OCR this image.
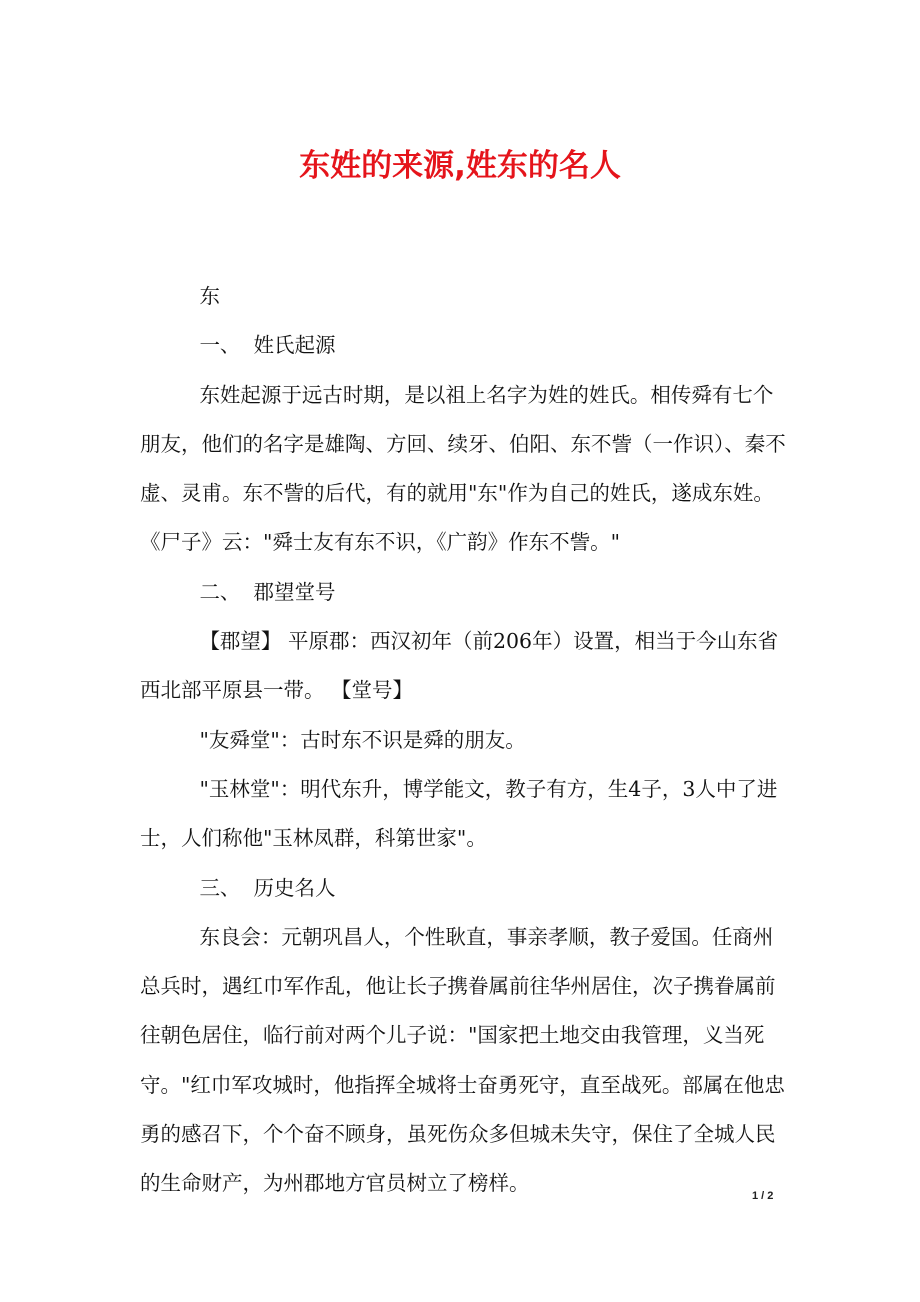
东姓的来源,姓东的名人

东

一、  姓氏起源

东姓起源于远古时期，是以祖上名字为姓的姓氏。相传舜有七个朋友，他们的名字是雄陶、方回、续牙、伯阳、东不訾（一作识）、秦不虚、灵甫。东不訾的后代，有的就用"东"作为自己的姓氏，遂成东姓。《尸子》云："舜士友有东不识，《广韵》作东不訾。"

二、  郡望堂号

【郡望】 平原郡：西汉初年（前206年）设置，相当于今山东省西北部平原县一带。 【堂号】

"友舜堂"：古时东不识是舜的朋友。

"玉林堂"：明代东升，博学能文，教子有方，生4子，3人中了进士，人们称他"玉林凤群，科第世家"。

三、  历史名人

东良会：元朝巩昌人，个性耿直，事亲孝顺，教子爱国。任商州总兵时，遇红巾军作乱，他让长子携眷属前往华州居住，次子携眷属前往朝色居住，临行前对两个儿子说："国家把土地交由我管理，义当死守。"红巾军攻城时，他指挥全城将士奋勇死守，直至战死。部属在他忠勇的感召下，个个奋不顾身，虽死伤众多但城未失守，保住了全城人民的生命财产，为州郡地方官员树立了榜样。

1 / 2
